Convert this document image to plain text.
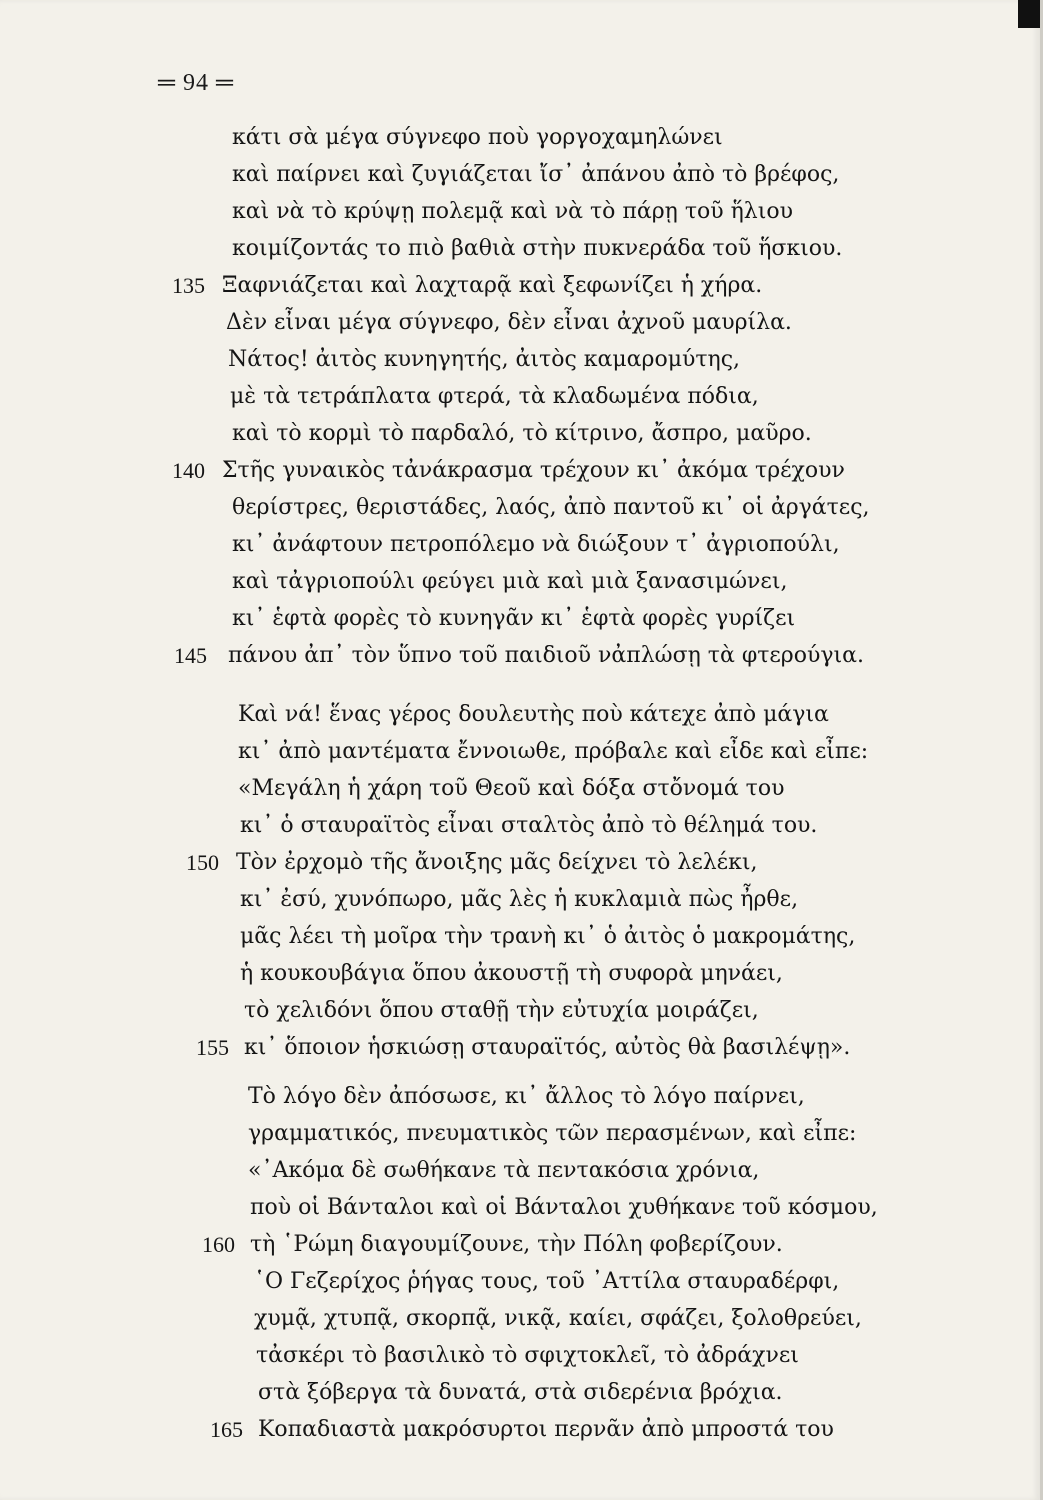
═ 94 ═
κάτι σὰ μέγα σύγνεφο ποὺ γοργοχαμηλώνει
καὶ παίρνει καὶ ζυγιάζεται ἴσ᾽ ἀπάνου ἀπὸ τὸ βρέφος,
καὶ νὰ τὸ κρύψῃ πολεμᾷ καὶ νὰ τὸ πάρῃ τοῦ ἥλιου
κοιμίζοντάς το πιὸ βαθιὰ στὴν πυκνεράδα τοῦ ἥσκιου.
135 Ξαφνιάζεται καὶ λαχταρᾷ καὶ ξεφωνίζει ἡ χήρα.
Δὲν εἶναι μέγα σύγνεφο, δὲν εἶναι ἀχνοῦ μαυρίλα.
Νάτος! ἀιτὸς κυνηγητής, ἀιτὸς καμαρομύτης,
μὲ τὰ τετράπλατα φτερά, τὰ κλαδωμένα πόδια,
καὶ τὸ κορμὶ τὸ παρδαλό, τὸ κίτρινο, ἄσπρο, μαῦρο.
140 Στῆς γυναικὸς τἀνάκρασμα τρέχουν κι᾽ ἀκόμα τρέχουν
θερίστρες, θεριστάδες, λαός, ἀπὸ παντοῦ κι᾽ οἱ ἀργάτες,
κι᾽ ἀνάφτουν πετροπόλεμο νὰ διώξουν τ᾽ ἀγριοπούλι,
καὶ τἀγριοπούλι φεύγει μιὰ καὶ μιὰ ξανασιμώνει,
κι᾽ ἑφτὰ φορὲς τὸ κυνηγᾶν κι᾽ ἑφτὰ φορὲς γυρίζει
145 πάνου ἀπ᾽ τὸν ὕπνο τοῦ παιδιοῦ νἀπλώσῃ τὰ φτερούγια.
Καὶ νά! ἕνας γέρος δουλευτὴς ποὺ κάτεχε ἀπὸ μάγια
κι᾽ ἀπὸ μαντέματα ἔννοιωθε, πρόβαλε καὶ εἶδε καὶ εἶπε:
«Μεγάλη ἡ χάρη τοῦ Θεοῦ καὶ δόξα στὄνομά του
κι᾽ ὁ σταυραϊτὸς εἶναι σταλτὸς ἀπὸ τὸ θέλημά του.
150 Τὸν ἐρχομὸ τῆς ἄνοιξης μᾶς δείχνει τὸ λελέκι,
κι᾽ ἐσύ, χυνόπωρο, μᾶς λὲς ἡ κυκλαμιὰ πὼς ἦρθε,
μᾶς λέει τὴ μοῖρα τὴν τρανὴ κι᾽ ὁ ἀιτὸς ὁ μακρομάτης,
ἡ κουκουβάγια ὅπου ἀκουστῇ τὴ συφορὰ μηνάει,
τὸ χελιδόνι ὅπου σταθῇ τὴν εὐτυχία μοιράζει,
155 κι᾽ ὅποιον ἡσκιώσῃ σταυραϊτός, αὐτὸς θὰ βασιλέψῃ».
Τὸ λόγο δὲν ἀπόσωσε, κι᾽ ἄλλος τὸ λόγο παίρνει,
γραμματικός, πνευματικὸς τῶν περασμένων, καὶ εἶπε:
«᾿Ακόμα δὲ σωθήκανε τὰ πεντακόσια χρόνια,
ποὺ οἱ Βάνταλοι καὶ οἱ Βάνταλοι χυθήκανε τοῦ κόσμου,
160 τὴ ῾Ρώμη διαγουμίζουνε, τὴν Πόλη φοβερίζουν.
῾Ο Γεζερίχος ῥήγας τους, τοῦ ᾿Αττίλα σταυραδέρφι,
χυμᾷ, χτυπᾷ, σκορπᾷ, νικᾷ, καίει, σφάζει, ξολοθρεύει,
τἀσκέρι τὸ βασιλικὸ τὸ σφιχτοκλεῖ, τὸ ἀδράχνει
στὰ ξόβεργα τὰ δυνατά, στὰ σιδερένια βρόχια.
165 Κοπαδιαστὰ μακρόσυρτοι περνᾶν ἀπὸ μπροστά του
